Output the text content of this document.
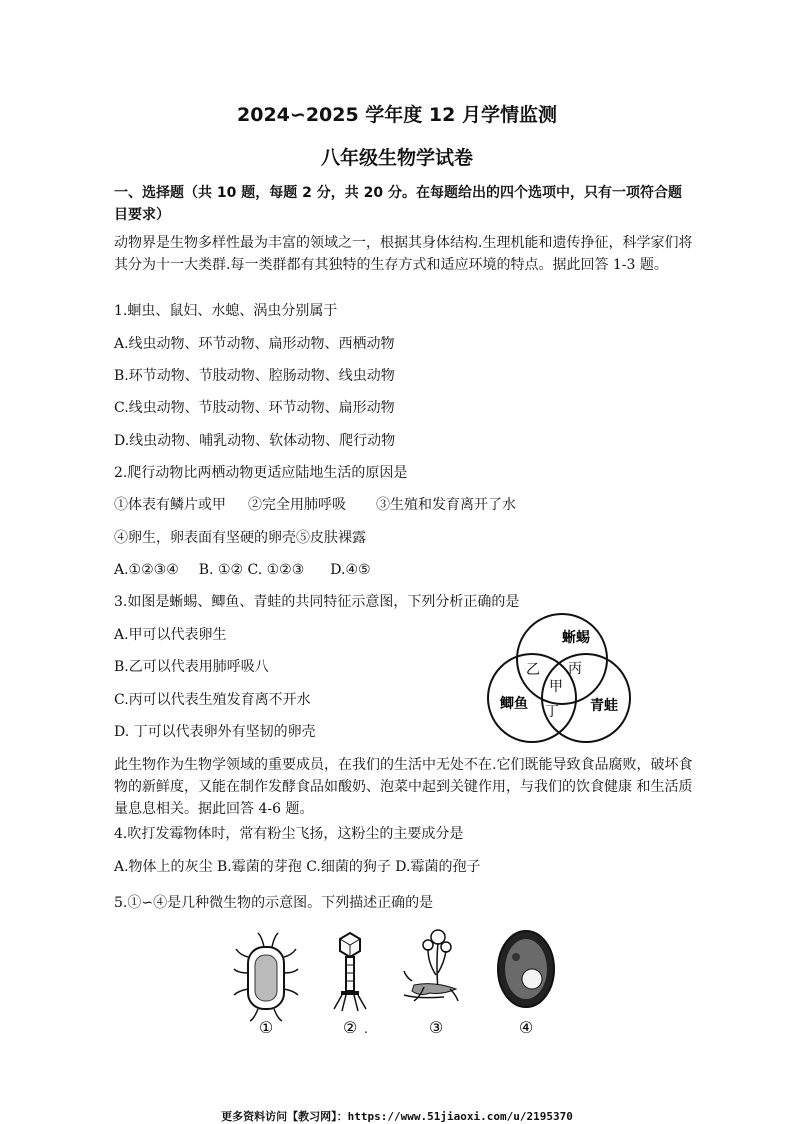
2024∽2025 学年度 12 月学情监测
八年级生物学试卷
一、选择题（共 10 题，每题 2 分，共 20 分。在每题给出的四个选项中，只有一项符合题目要求）
动物界是生物多样性最为丰富的领域之一，根据其身体结构.生理机能和遗传挣征，科学家们将其分为十一大类群.每一类群都有其独特的生存方式和适应环境的特点。据此回答 1-3 题。
1.蛔虫、鼠妇、水螅、涡虫分别属于
A.线虫动物、环节动物、扁形动物、西栖动物
B.环节动物、节肢动物、腔肠动物、线虫动物
C.线虫动物、节肢动物、环节动物、扁形动物
D.线虫动物、哺乳动物、软体动物、爬行动物
2.爬行动物比两栖动物更适应陆地生活的原因是
①体表有鳞片或甲 ②完全用肺呼吸 ③生殖和发育离开了水
④卵生，卵表面有坚硬的卵壳⑤皮肤裸露
A.①②③④ B. ①② C. ①②③ D.④⑤
3.如图是蜥蜴、鲫鱼、青蛙的共同特征示意图，下列分析正确的是
A.甲可以代表卵生
B.乙可以代表用肺呼吸八
C.丙可以代表生殖发育离不开水
D. 丁可以代表卵外有坚韧的卵壳
蜥蜴
鲫鱼	青蛙
乙 丙
甲
丁
此生物作为生物学领域的重要成员，在我们的生活中无处不在.它们既能导致食品腐败，破坏食物的新鲜度，又能在制作发酵食品如酸奶、泡菜中起到关键作用，与我们的饮食健康 和生活质量息息相关。据此回答 4-6 题。
4.吹打发霉物体时，常有粉尘飞扬，这粉尘的主要成分是
A.物体上的灰尘 B.霉菌的芽孢 C.细菌的狗子 D.霉菌的孢子
5.①∽④是几种微生物的示意图。下列描述正确的是
①	② .	③	④
更多资料访问【教习网】：https://www.51jiaoxi.com/u/2195370
